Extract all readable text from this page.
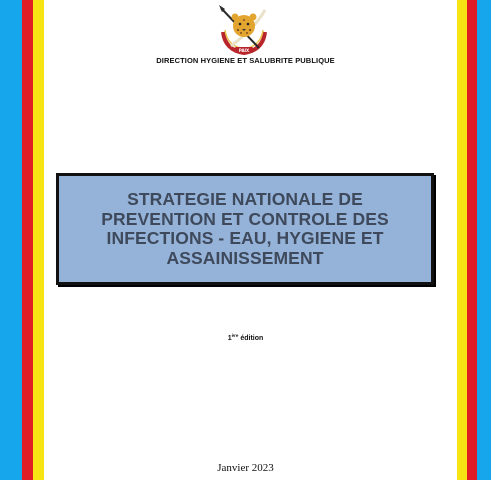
PAIX
DIRECTION HYGIENE ET SALUBRITE PUBLIQUE
STRATEGIE NATIONALE DE PREVENTION ET CONTROLE DES INFECTIONS - EAU, HYGIENE ET ASSAINISSEMENT
1ère édition
Janvier 2023
